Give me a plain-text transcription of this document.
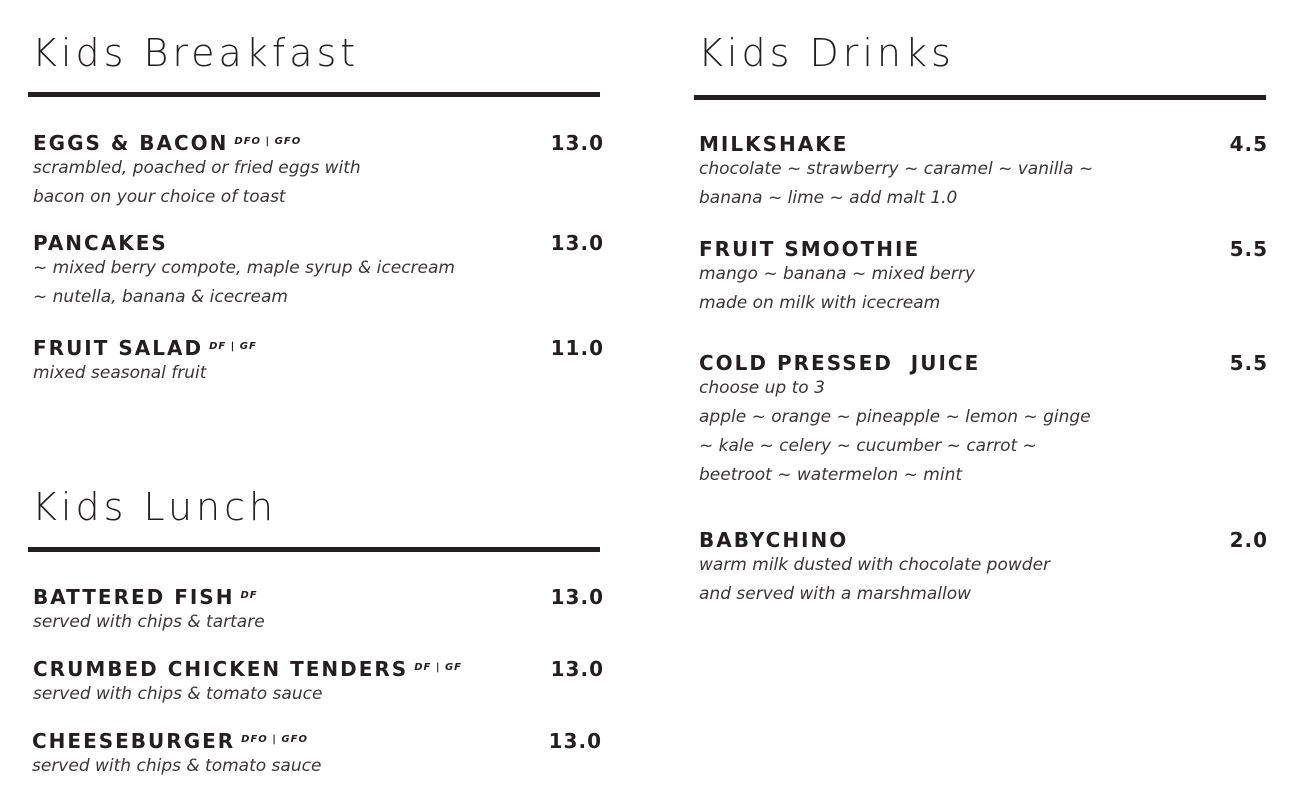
Kids Breakfast
EGGS & BACON $^{DFO | GFO}$	13.0
scrambled, poached or fried eggs with
bacon on your choice of toast
PANCAKES	13.0
~ mixed berry compote, maple syrup & icecream
~ nutella, banana & icecream
FRUIT SALAD $^{DF | GF}$	11.0
mixed seasonal fruit
Kids Lunch
BATTERED FISH $^{DF}$	13.0
served with chips & tartare
CRUMBED CHICKEN TENDERS $^{DF | GF}$	13.0
served with chips & tomato sauce
CHEESEBURGER $^{DFO | GFO}$	13.0
served with chips & tomato sauce
Kids Drinks
MILKSHAKE	4.5
chocolate ~ strawberry ~ caramel ~ vanilla ~
banana ~ lime ~ add malt 1.0
FRUIT SMOOTHIE	5.5
mango ~ banana ~ mixed berry
made on milk with icecream
COLD PRESSED  JUICE	5.5
choose up to 3
apple ~ orange ~ pineapple ~ lemon ~ ginge
~ kale ~ celery ~ cucumber ~ carrot ~
beetroot ~ watermelon ~ mint
BABYCHINO	2.0
warm milk dusted with chocolate powder
and served with a marshmallow
